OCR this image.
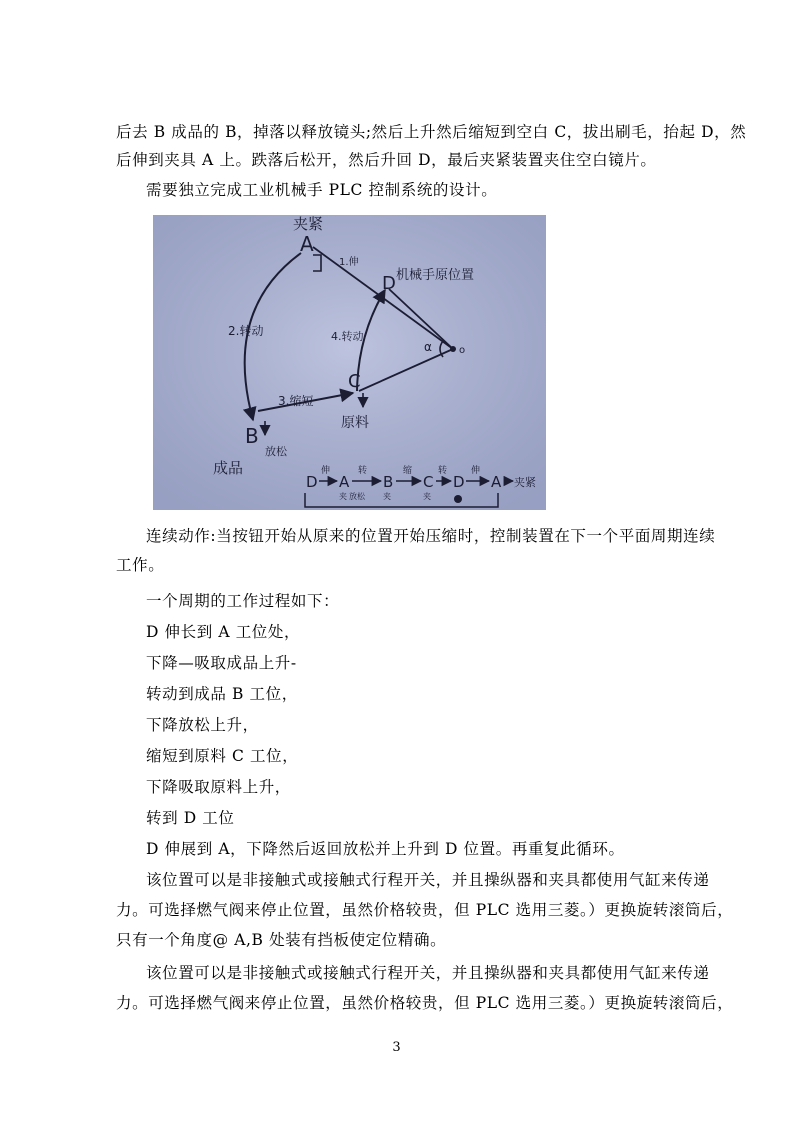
后去 B 成品的 B，掉落以释放镜头;然后上升然后缩短到空白 C，拔出刷毛，抬起 D，然
后伸到夹具 A 上。跌落后松开，然后升回 D，最后夹紧装置夹住空白镜片。
需要独立完成工业机械手 PLC 控制系统的设计。
夹紧
A
1.伸
2.转动
3.缩短
4.转动
D 机械手原位置
C
原料
B
放松
成品
α	o
D A B C D A 夹紧
伸	转	缩	转	伸
夹 放松 夹	夹
连续动作:当按钮开始从原来的位置开始压缩时，控制装置在下一个平面周期连续
工作。
一个周期的工作过程如下：
D 伸长到 A 工位处，
下降—吸取成品上升-
转动到成品 B 工位，
下降放松上升，
缩短到原料 C 工位，
下降吸取原料上升，
转到 D 工位
D 伸展到 A，下降然后返回放松并上升到 D 位置。再重复此循环。
该位置可以是非接触式或接触式行程开关，并且操纵器和夹具都使用气缸来传递
力。可选择燃气阀来停止位置，虽然价格较贵，但 PLC 选用三菱。）更换旋转滚筒后，
只有一个角度@ A,B 处装有挡板使定位精确。
该位置可以是非接触式或接触式行程开关，并且操纵器和夹具都使用气缸来传递
力。可选择燃气阀来停止位置，虽然价格较贵，但 PLC 选用三菱。）更换旋转滚筒后，
3
